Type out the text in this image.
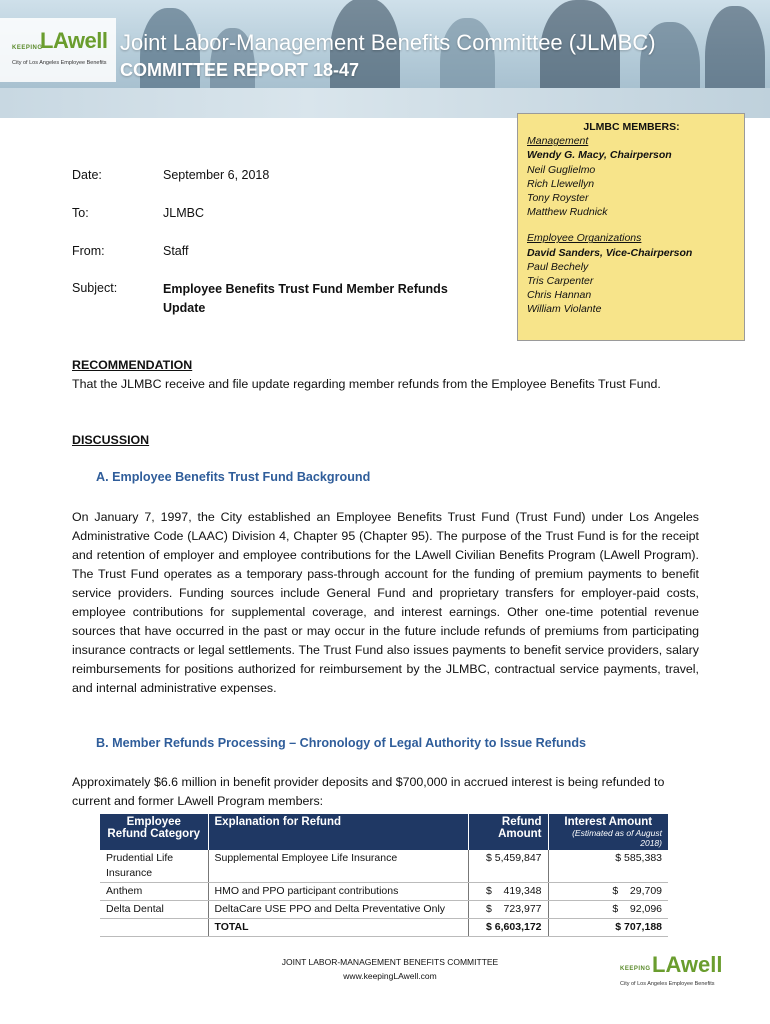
KEEPING
LAwell
City of Los Angeles Employee Benefits
Joint Labor-Management Benefits Committee (JLMBC)
COMMITTEE REPORT 18-47
JLMBC MEMBERS:
Management
Wendy G. Macy, Chairperson
Neil Guglielmo
Rich Llewellyn
Tony Royster
Matthew Rudnick
Employee Organizations
David Sanders, Vice-Chairperson
Paul Bechely
Tris Carpenter
Chris Hannan
William Violante
Date:	September 6, 2018
To:	JLMBC
From:	Staff
Subject:	Employee Benefits Trust Fund Member Refunds Update
RECOMMENDATION
That the JLMBC receive and file update regarding member refunds from the Employee Benefits Trust Fund.
DISCUSSION
A. Employee Benefits Trust Fund Background
On January 7, 1997, the City established an Employee Benefits Trust Fund (Trust Fund) under Los Angeles Administrative Code (LAAC) Division 4, Chapter 95 (Chapter 95). The purpose of the Trust Fund is for the receipt and retention of employer and employee contributions for the LAwell Civilian Benefits Program (LAwell Program). The Trust Fund operates as a temporary pass-through account for the funding of premium payments to benefit service providers. Funding sources include General Fund and proprietary transfers for employer-paid costs, employee contributions for supplemental coverage, and interest earnings. Other one-time potential revenue sources that have occurred in the past or may occur in the future include refunds of premiums from participating insurance contracts or legal settlements. The Trust Fund also issues payments to benefit service providers, salary reimbursements for positions authorized for reimbursement by the JLMBC, contractual service payments, travel, and internal administrative expenses.
B. Member Refunds Processing – Chronology of Legal Authority to Issue Refunds
Approximately $6.6 million in benefit provider deposits and $700,000 in accrued interest is being refunded to current and former LAwell Program members:
Employee Refund Category	Explanation for Refund	Refund Amount	Interest Amount
(Estimated as of August 2018)

Prudential Life Insurance	Supplemental Employee Life Insurance	$ 5,459,847	$ 585,383
Anthem	HMO and PPO participant contributions	$    419,348	$    29,709
Delta Dental	DeltaCare USE PPO and Delta Preventative Only	$    723,977	$    92,096
	TOTAL	$ 6,603,172	$ 707,188
JOINT LABOR-MANAGEMENT BENEFITS COMMITTEE
www.keepingLAwell.com
KEEPING LAwell
City of Los Angeles Employee Benefits
